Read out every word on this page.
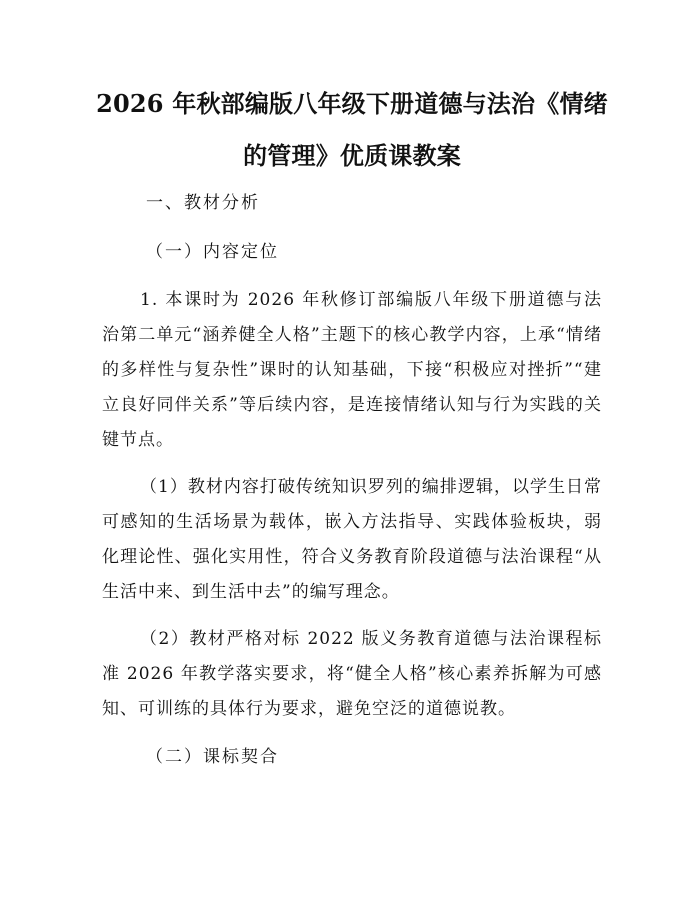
2026 年秋部编版八年级下册道德与法治《情绪的管理》优质课教案
一、教材分析
（一）内容定位

1. 本课时为 2026 年秋修订部编版八年级下册道德与法治第二单元“涵养健全人格”主题下的核心教学内容，上承“情绪的多样性与复杂性”课时的认知基础，下接“积极应对挫折”“建立良好同伴关系”等后续内容，是连接情绪认知与行为实践的关键节点。

（1）教材内容打破传统知识罗列的编排逻辑，以学生日常可感知的生活场景为载体，嵌入方法指导、实践体验板块，弱化理论性、强化实用性，符合义务教育阶段道德与法治课程“从生活中来、到生活中去”的编写理念。

（2）教材严格对标 2022 版义务教育道德与法治课程标准 2026 年教学落实要求，将“健全人格”核心素养拆解为可感知、可训练的具体行为要求，避免空泛的道德说教。

（二）课标契合
